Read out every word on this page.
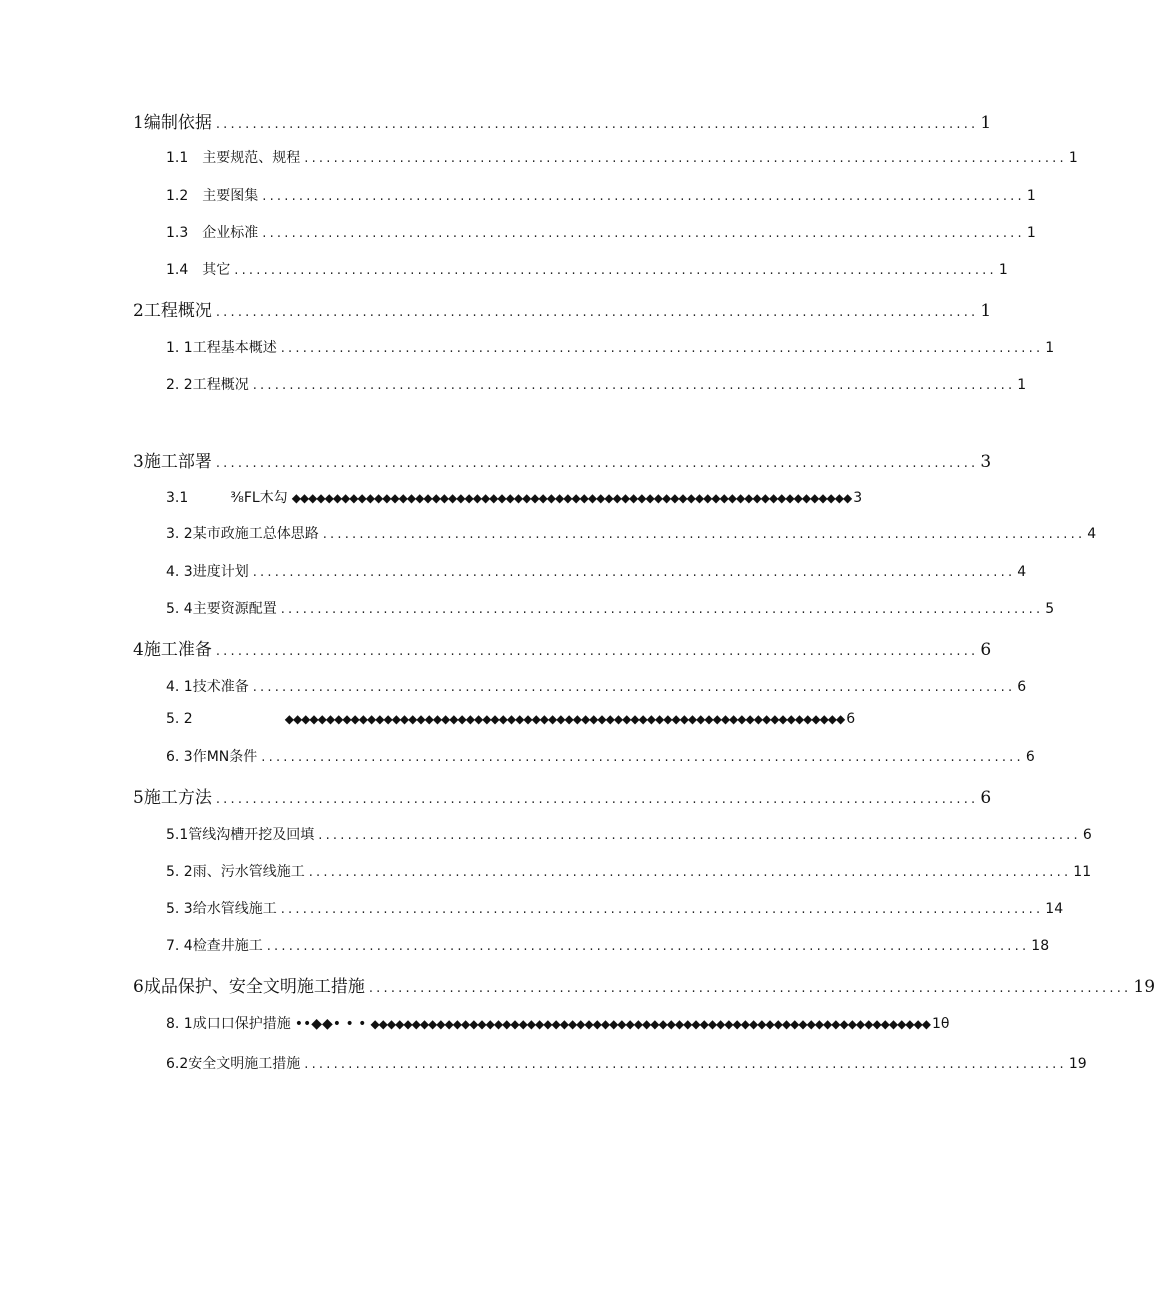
1编制依据 ........................................................................................................ 1
1.1　主要规范、规程 ........................................................................................................ 1
1.2　主要图集 ........................................................................................................ 1
1.3　企业标准 ........................................................................................................ 1
1.4　其它 ........................................................................................................ 1
2工程概况 ........................................................................................................ 1
1. 1工程基本概述 ........................................................................................................ 1
2. 2工程概况 ........................................................................................................ 1
3施工部署 ........................................................................................................ 3
3.1	⅜FL木勾 ◆◆◆◆◆◆◆◆◆◆◆◆◆◆◆◆◆◆◆◆◆◆◆◆◆◆◆◆◆◆◆◆◆◆◆◆◆◆◆◆◆◆◆◆◆◆◆◆◆◆◆◆◆◆◆◆◆◆◆◆◆◆◆◆◆◆◆◆ 3
3. 2某市政施工总体思路 ........................................................................................................ 4
4. 3进度计划 ........................................................................................................ 4
5. 4主要资源配置 ........................................................................................................ 5
4施工准备 ........................................................................................................ 6
4. 1技术准备 ........................................................................................................ 6
5. 2	◆◆◆◆◆◆◆◆◆◆◆◆◆◆◆◆◆◆◆◆◆◆◆◆◆◆◆◆◆◆◆◆◆◆◆◆◆◆◆◆◆◆◆◆◆◆◆◆◆◆◆◆◆◆◆◆◆◆◆◆◆◆◆◆◆◆◆◆ 6
6. 3作MN条件 ........................................................................................................ 6
5施工方法 ........................................................................................................ 6
5.1管线沟槽开挖及回填 ........................................................................................................ 6
5. 2雨、污水管线施工 ........................................................................................................ 11
5. 3给水管线施工 ........................................................................................................ 14
7. 4检查井施工 ........................................................................................................ 18
6成品保护、安全文明施工措施 ........................................................................................................ 19
8. 1成口口保护措施 ••◆◆• • • ◆◆◆◆◆◆◆◆◆◆◆◆◆◆◆◆◆◆◆◆◆◆◆◆◆◆◆◆◆◆◆◆◆◆◆◆◆◆◆◆◆◆◆◆◆◆◆◆◆◆◆◆◆◆◆◆◆◆◆◆◆◆◆◆◆◆◆◆ 1θ
6.2安全文明施工措施 ........................................................................................................ 19
